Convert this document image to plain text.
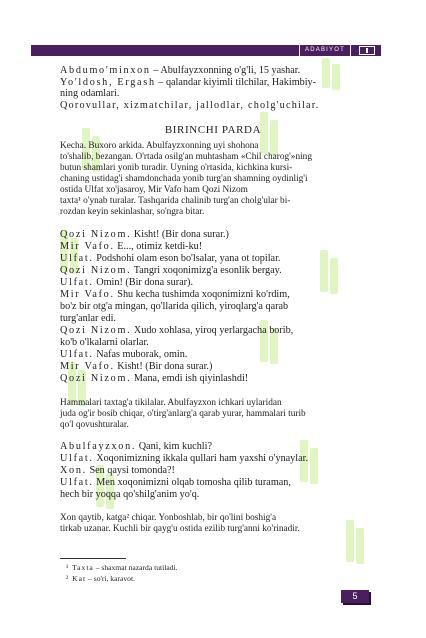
ADABIYOT
Abdumo'minxon – Abulfayzxonning o'g'li, 15 yashar.
Yo'ldosh, Ergash – qalandar kiyimli tilchilar, Hakimbiy-
ning odamlari.
Qorovullar, xizmatchilar, jallodlar, cholg'uchilar.
BIRINCHI PARDA
Kecha. Buxoro arkida. Abulfayzxonning uyi shohona
to'shalib, bezangan. O'rtada osilg'an muhtasham «Chil charog'»ning
butun shamlari yonib turadir. Uyning o'rtasida, kichkina kursi-
chaning ustidag'i shamdonchada yonib turg'an shamning oydinlig'i
ostida Ulfat xo'jasaroy, Mir Vafo ham Qozi Nizom
taxta¹ o'ynab turalar. Tashqarida chalinib turg'an cholg'ular bi-
rozdan keyin sekinlashar, so'ngra bitar.
Qozi Nizom. Kisht! (Bir dona surar.)
Mir Vafo. E..., otimiz ketdi-ku!
Ulfat. Podshohi olam eson bo'lsalar, yana ot topilar.
Qozi Nizom. Tangri xoqonimizg'a esonlik bergay.
Ulfat. Omin! (Bir dona surar).
Mir Vafo. Shu kecha tushimda xoqonimizni ko'rdim,
bo'z bir otg'a mingan, qo'llarida qilich, yiroqlarg'a qarab
turg'anlar edi.
Qozi Nizom. Xudo xohlasa, yiroq yerlargacha borib,
ko'b o'lkalarni olarlar.
Ulfat. Nafas muborak, omin.
Mir Vafo. Kisht! (Bir dona surar.)
Qozi Nizom. Mana, emdi ish qiyinlashdi!
Hammalari taxtag'a tikilalar. Abulfayzxon ichkari uylaridan
juda og'ir bosib chiqar, o'tirg'anlarg'a qarab yurar, hammalari turib
qo'l qovushturalar.
Abulfayzxon. Qani, kim kuchli?
Ulfat. Xoqonimizning ikkala qullari ham yaxshi o'ynaylar.
Xon. Sen qaysi tomonda?!
Ulfat. Men xoqonimizni olqab tomosha qilib turaman,
hech bir yoqqa qo'shilg'anim yo'q.
Xon qaytib, katga² chiqar. Yonboshlab, bir qo'lini boshig'a
tirkab uzanar. Kuchli bir qayg'u ostida ezilib turg'anni ko'rinadir.
¹ Taxta – shaxmat nazarda tutiladi.
² Kat – so'ri, karavot.
5
